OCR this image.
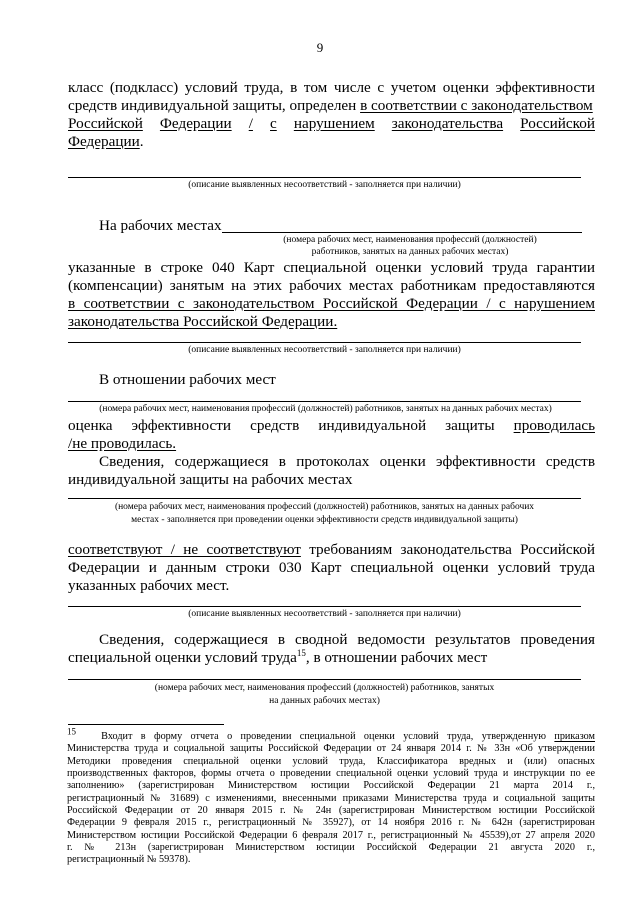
9
класс (подкласс) условий труда, в том числе с учетом оценки эффективности
средств индивидуальной защиты, определен в соответствии с законодательством
Российской Федерации / с нарушением законодательства Российской
Федерации.
(описание выявленных несоответствий - заполняется при наличии)
На рабочих местах
(номера рабочих мест, наименования профессий (должностей)
работников, занятых на данных рабочих местах)
указанные в строке 040 Карт специальной оценки условий труда гарантии
(компенсации) занятым на этих рабочих местах работникам предоставляются
в соответствии с законодательством Российской Федерации / с нарушением
законодательства Российской Федерации.
(описание выявленных несоответствий - заполняется при наличии)
В отношении рабочих мест
(номера рабочих мест, наименования профессий (должностей) работников, занятых на данных рабочих местах)
оценка эффективности средств индивидуальной защиты проводилась
/не проводилась.
Сведения, содержащиеся в протоколах оценки эффективности средств
индивидуальной защиты на рабочих местах
(номера рабочих мест, наименования профессий (должностей) работников, занятых на данных рабочих
местах - заполняется при проведении оценки эффективности средств индивидуальной защиты)
соответствуют / не соответствуют требованиям законодательства Российской
Федерации и данным строки 030 Карт специальной оценки условий труда
указанных рабочих мест.
(описание выявленных несоответствий - заполняется при наличии)
Сведения, содержащиеся в сводной ведомости результатов проведения
специальной оценки условий труда$^{15}$, в отношении рабочих мест
(номера рабочих мест, наименования профессий (должностей) работников, занятых
на данных рабочих местах)

$^{15}$ Входит в форму отчета о проведении специальной оценки условий труда, утвержденную приказом

Министерства труда и социальной защиты Российской Федерации от 24 января 2014 г. № 33н «Об утверждении

Методики проведения специальной оценки условий труда, Классификатора вредных и (или) опасных

производственных факторов, формы отчета о проведении специальной оценки условий труда и инструкции по ее

заполнению» (зарегистрирован Министерством юстиции Российской Федерации 21 марта 2014 г.,

регистрационный № 31689) с изменениями, внесенными приказами Министерства труда и социальной защиты

Российской Федерации от 20 января 2015 г. № 24н (зарегистрирован Министерством юстиции Российской

Федерации 9 февраля 2015 г., регистрационный № 35927), от 14 ноября 2016 г. № 642н (зарегистрирован

Министерством юстиции Российской Федерации 6 февраля 2017 г., регистрационный № 45539),от 27 апреля 2020

г. № 213н (зарегистрирован Министерством юстиции Российской Федерации 21 августа 2020 г.,

регистрационный № 59378).
